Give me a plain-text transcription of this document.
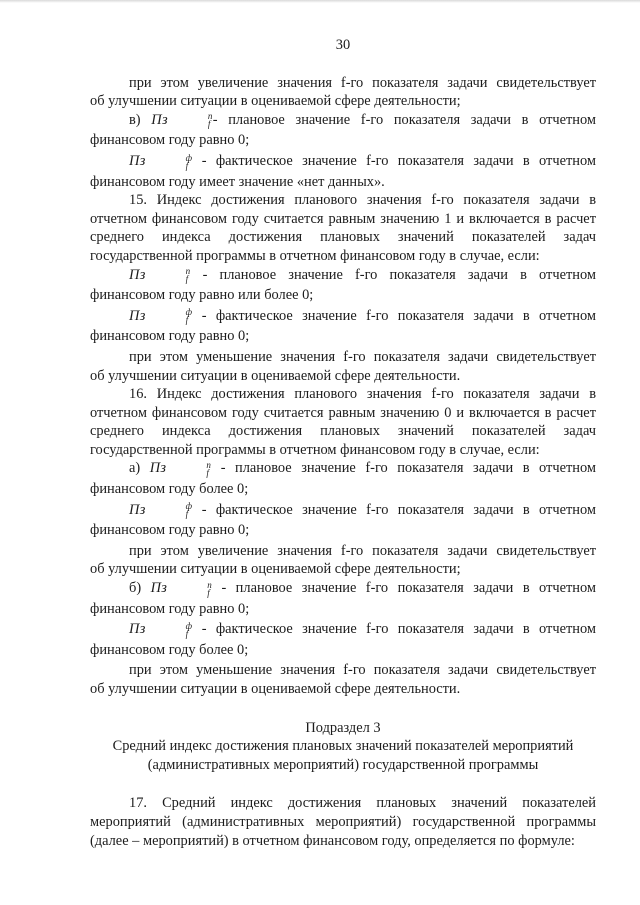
30

при этом увеличение значения f-го показателя задачи свидетельствует

об улучшении ситуации в оцениваемой сфере деятельности;

в) Пз	п
f - плановое значение f-го показателя задачи в отчетном

финансовом году равно 0;

Пз	ф
f - фактическое значение f-го показателя задачи в отчетном

финансовом году имеет значение «нет данных».

15. Индекс достижения планового значения f-го показателя задачи в отчетном финансовом году считается равным значению 1 и включается в расчет среднего индекса достижения плановых значений показателей задач государственной программы в отчетном финансовом году в случае, если:

Пз	п
f - плановое значение f-го показателя задачи в отчетном

финансовом году равно или более 0;

Пз	ф
f - фактическое значение f-го показателя задачи в отчетном

финансовом году равно 0;

при этом уменьшение значения f-го показателя задачи свидетельствует

об улучшении ситуации в оцениваемой сфере деятельности.

16. Индекс достижения планового значения f-го показателя задачи в отчетном финансовом году считается равным значению 0 и включается в расчет среднего индекса достижения плановых значений показателей задач государственной программы в отчетном финансовом году в случае, если:

а) Пз	п
f - плановое значение f-го показателя задачи в отчетном

финансовом году более 0;

Пз	ф
f - фактическое значение f-го показателя задачи в отчетном

финансовом году равно 0;

при этом увеличение значения f-го показателя задачи свидетельствует

об улучшении ситуации в оцениваемой сфере деятельности;

б) Пз	п
f - плановое значение f-го показателя задачи в отчетном

финансовом году равно 0;

Пз	ф
f - фактическое значение f-го показателя задачи в отчетном

финансовом году более 0;

при этом уменьшение значения f-го показателя задачи свидетельствует

об улучшении ситуации в оцениваемой сфере деятельности.

Подраздел 3

Средний индекс достижения плановых значений показателей мероприятий

(административных мероприятий) государственной программы

17. Средний индекс достижения плановых значений показателей мероприятий (административных мероприятий) государственной программы (далее – мероприятий) в отчетном финансовом году, определяется по формуле:
